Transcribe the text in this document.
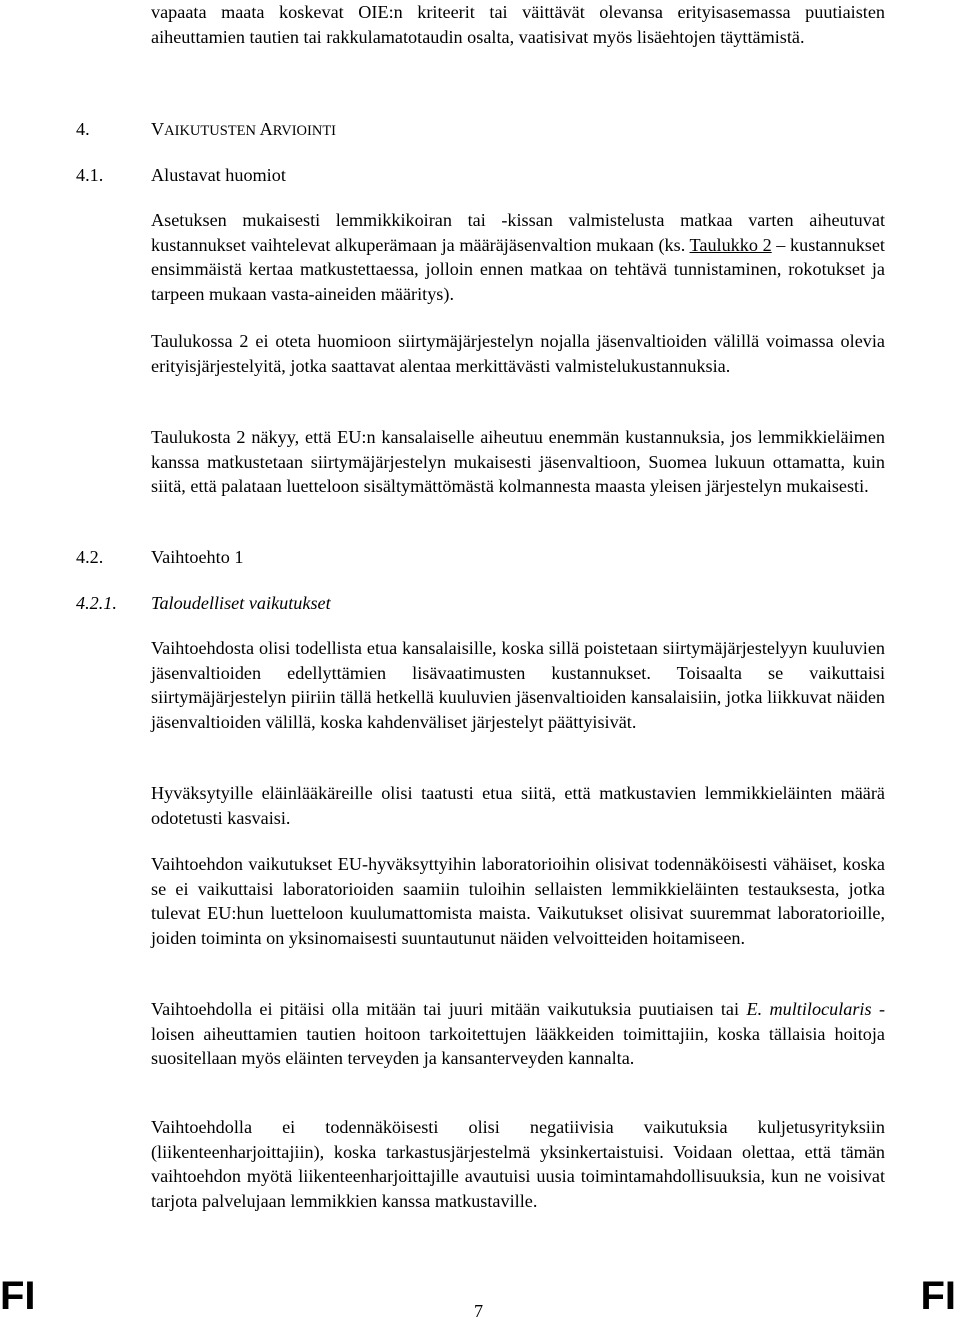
vapaata maata koskevat OIE:n kriteerit tai väittävät olevansa erityisasemassa puutiaisten aiheuttamien tautien tai rakkulamatotaudin osalta, vaatisivat myös lisäehtojen täyttämistä.

4.	VAIKUTUSTEN ARVIOINTI

4.1.	Alustavat huomiot

Asetuksen mukaisesti lemmikkikoiran tai -kissan valmistelusta matkaa varten aiheutuvat kustannukset vaihtelevat alkuperämaan ja määräjäsenvaltion mukaan (ks. Taulukko 2 – kustannukset ensimmäistä kertaa matkustettaessa, jolloin ennen matkaa on tehtävä tunnistaminen, rokotukset ja tarpeen mukaan vasta-aineiden määritys).

Taulukossa 2 ei oteta huomioon siirtymäjärjestelyn nojalla jäsenvaltioiden välillä voimassa olevia erityisjärjestelyitä, jotka saattavat alentaa merkittävästi valmistelukustannuksia.

Taulukosta 2 näkyy, että EU:n kansalaiselle aiheutuu enemmän kustannuksia, jos lemmikkieläimen kanssa matkustetaan siirtymäjärjestelyn mukaisesti jäsenvaltioon, Suomea lukuun ottamatta, kuin siitä, että palataan luetteloon sisältymättömästä kolmannesta maasta yleisen järjestelyn mukaisesti.

4.2.	Vaihtoehto 1

4.2.1. Taloudelliset vaikutukset

Vaihtoehdosta olisi todellista etua kansalaisille, koska sillä poistetaan siirtymäjärjestelyyn kuuluvien jäsenvaltioiden edellyttämien lisävaatimusten kustannukset. Toisaalta se vaikuttaisi siirtymäjärjestelyn piiriin tällä hetkellä kuuluvien jäsenvaltioiden kansalaisiin, jotka liikkuvat näiden jäsenvaltioiden välillä, koska kahdenväliset järjestelyt päättyisivät.

Hyväksytyille eläinlääkäreille olisi taatusti etua siitä, että matkustavien lemmikkieläinten määrä odotetusti kasvaisi.

Vaihtoehdon vaikutukset EU-hyväksyttyihin laboratorioihin olisivat todennäköisesti vähäiset, koska se ei vaikuttaisi laboratorioiden saamiin tuloihin sellaisten lemmikkieläinten testauksesta, jotka tulevat EU:hun luetteloon kuulumattomista maista. Vaikutukset olisivat suuremmat laboratorioille, joiden toiminta on yksinomaisesti suuntautunut näiden velvoitteiden hoitamiseen.

Vaihtoehdolla ei pitäisi olla mitään tai juuri mitään vaikutuksia puutiaisen tai E. multilocularis -loisen aiheuttamien tautien hoitoon tarkoitettujen lääkkeiden toimittajiin, koska tällaisia hoitoja suositellaan myös eläinten terveyden ja kansanterveyden kannalta.

Vaihtoehdolla ei todennäköisesti olisi negatiivisia vaikutuksia kuljetusyrityksiin (liikenteenharjoittajiin), koska tarkastusjärjestelmä yksinkertaistuisi. Voidaan olettaa, että tämän vaihtoehdon myötä liikenteenharjoittajille avautuisi uusia toimintamahdollisuuksia, kun ne voisivat tarjota palvelujaan lemmikkien kanssa matkustaville.

FI	7	FI
